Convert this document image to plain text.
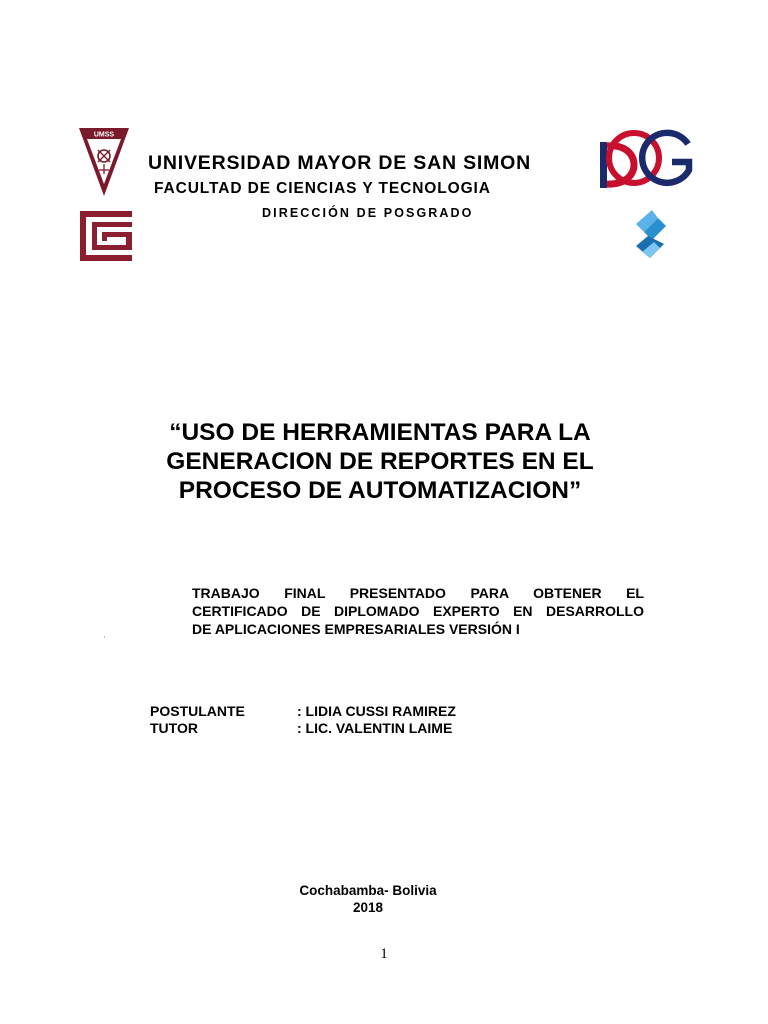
UMSS
UNIVERSIDAD MAYOR DE SAN SIMON
FACULTAD DE CIENCIAS Y TECNOLOGIA
DIRECCIÓN DE POSGRADO
“USO DE HERRAMIENTAS PARA LA
GENERACION DE REPORTES EN EL
PROCESO DE AUTOMATIZACION”
TRABAJO FINAL PRESENTADO PARA OBTENER EL
CERTIFICADO DE DIPLOMADO EXPERTO EN DESARROLLO
DE APLICACIONES EMPRESARIALES VERSIÓN I
POSTULANTE	: LIDIA CUSSI RAMIREZ
TUTOR	: LIC. VALENTIN LAIME
Cochabamba- Bolivia
2018
1
